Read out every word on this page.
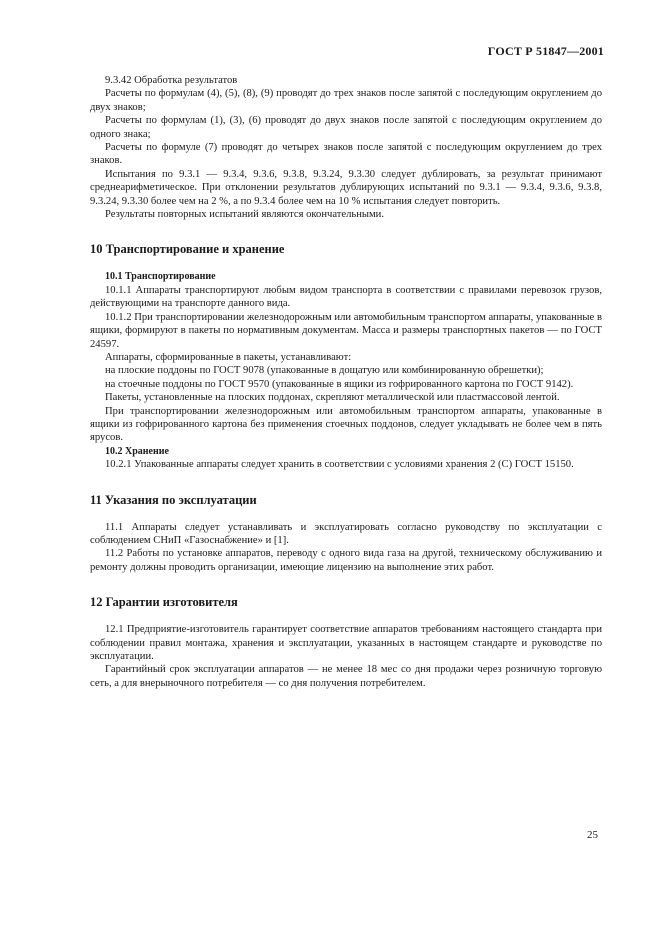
ГОСТ Р 51847—2001

9.3.42 Обработка результатов

Расчеты по формулам (4), (5), (8), (9) проводят до трех знаков после запятой с последующим округлением до двух знаков;

Расчеты по формулам (1), (3), (6) проводят до двух знаков после запятой с последующим округлением до одного знака;

Расчеты по формуле (7) проводят до четырех знаков после запятой с последующим округлением до трех знаков.

Испытания по 9.3.1 — 9.3.4, 9.3.6, 9.3.8, 9.3.24, 9.3.30 следует дублировать, за результат принимают среднеарифметическое. При отклонении результатов дублирующих испытаний по 9.3.1 — 9.3.4, 9.3.6, 9.3.8, 9.3.24, 9.3.30 более чем на 2 %, а по 9.3.4 более чем на 10 % испытания следует повторить.

Результаты повторных испытаний являются окончательными.

10 Транспортирование и хранение

10.1 Транспортирование

10.1.1 Аппараты транспортируют любым видом транспорта в соответствии с правилами перевозок грузов, действующими на транспорте данного вида.

10.1.2 При транспортировании железнодорожным или автомобильным транспортом аппараты, упакованные в ящики, формируют в пакеты по нормативным документам. Масса и размеры транспортных пакетов — по ГОСТ 24597.

Аппараты, сформированные в пакеты, устанавливают:

на плоские поддоны по ГОСТ 9078 (упакованные в дощатую или комбинированную обрешетки);

на стоечные поддоны по ГОСТ 9570 (упакованные в ящики из гофрированного картона по ГОСТ 9142).

Пакеты, установленные на плоских поддонах, скрепляют металлической или пластмассовой лентой.

При транспортировании железнодорожным или автомобильным транспортом аппараты, упакованные в ящики из гофрированного картона без применения стоечных поддонов, следует укладывать не более чем в пять ярусов.

10.2 Хранение

10.2.1 Упакованные аппараты следует хранить в соответствии с условиями хранения 2 (С) ГОСТ 15150.

11 Указания по эксплуатации

11.1 Аппараты следует устанавливать и эксплуатировать согласно руководству по эксплуатации с соблюдением СНиП «Газоснабжение» и [1].

11.2 Работы по установке аппаратов, переводу с одного вида газа на другой, техническому обслуживанию и ремонту должны проводить организации, имеющие лицензию на выполнение этих работ.

12 Гарантии изготовителя

12.1 Предприятие-изготовитель гарантирует соответствие аппаратов требованиям настоящего стандарта при соблюдении правил монтажа, хранения и эксплуатации, указанных в настоящем стандарте и руководстве по эксплуатации.

Гарантийный срок эксплуатации аппаратов — не менее 18 мес со дня продажи через розничную торговую сеть, а для внерыночного потребителя — со дня получения потребителем.

25
